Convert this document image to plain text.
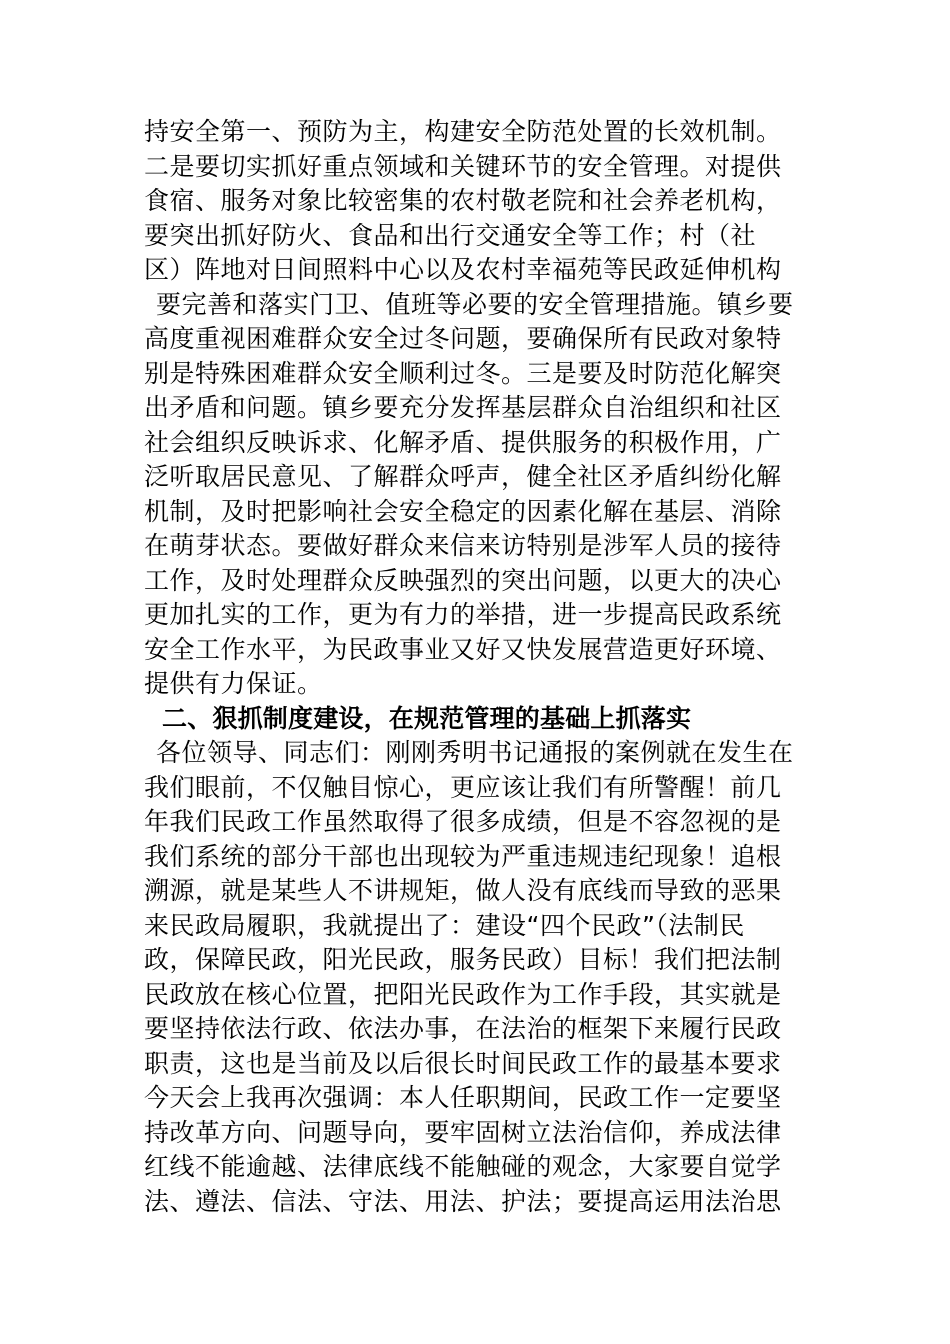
持安全第一、预防为主，构建安全防范处置的长效机制。
二是要切实抓好重点领域和关键环节的安全管理。对提供
食宿、服务对象比较密集的农村敬老院和社会养老机构，
要突出抓好防火、食品和出行交通安全等工作；村（社
区）阵地对日间照料中心以及农村幸福苑等民政延伸机构
要完善和落实门卫、值班等必要的安全管理措施。镇乡要
高度重视困难群众安全过冬问题，要确保所有民政对象特
别是特殊困难群众安全顺利过冬。三是要及时防范化解突
出矛盾和问题。镇乡要充分发挥基层群众自治组织和社区
社会组织反映诉求、化解矛盾、提供服务的积极作用，广
泛听取居民意见、了解群众呼声，健全社区矛盾纠纷化解
机制，及时把影响社会安全稳定的因素化解在基层、消除
在萌芽状态。要做好群众来信来访特别是涉军人员的接待
工作，及时处理群众反映强烈的突出问题，以更大的决心
更加扎实的工作，更为有力的举措，进一步提高民政系统
安全工作水平，为民政事业又好又快发展营造更好环境、
提供有力保证。
二、狠抓制度建设，在规范管理的基础上抓落实
各位领导、同志们：刚刚秀明书记通报的案例就在发生在
我们眼前，不仅触目惊心，更应该让我们有所警醒！前几
年我们民政工作虽然取得了很多成绩，但是不容忽视的是
我们系统的部分干部也出现较为严重违规违纪现象！追根
溯源，就是某些人不讲规矩，做人没有底线而导致的恶果
来民政局履职，我就提出了：建设“四个民政”（法制民
政，保障民政，阳光民政，服务民政）目标！我们把法制
民政放在核心位置，把阳光民政作为工作手段，其实就是
要坚持依法行政、依法办事，在法治的框架下来履行民政
职责，这也是当前及以后很长时间民政工作的最基本要求
今天会上我再次强调：本人任职期间，民政工作一定要坚
持改革方向、问题导向，要牢固树立法治信仰，养成法律
红线不能逾越、法律底线不能触碰的观念，大家要自觉学
法、遵法、信法、守法、用法、护法；要提高运用法治思
